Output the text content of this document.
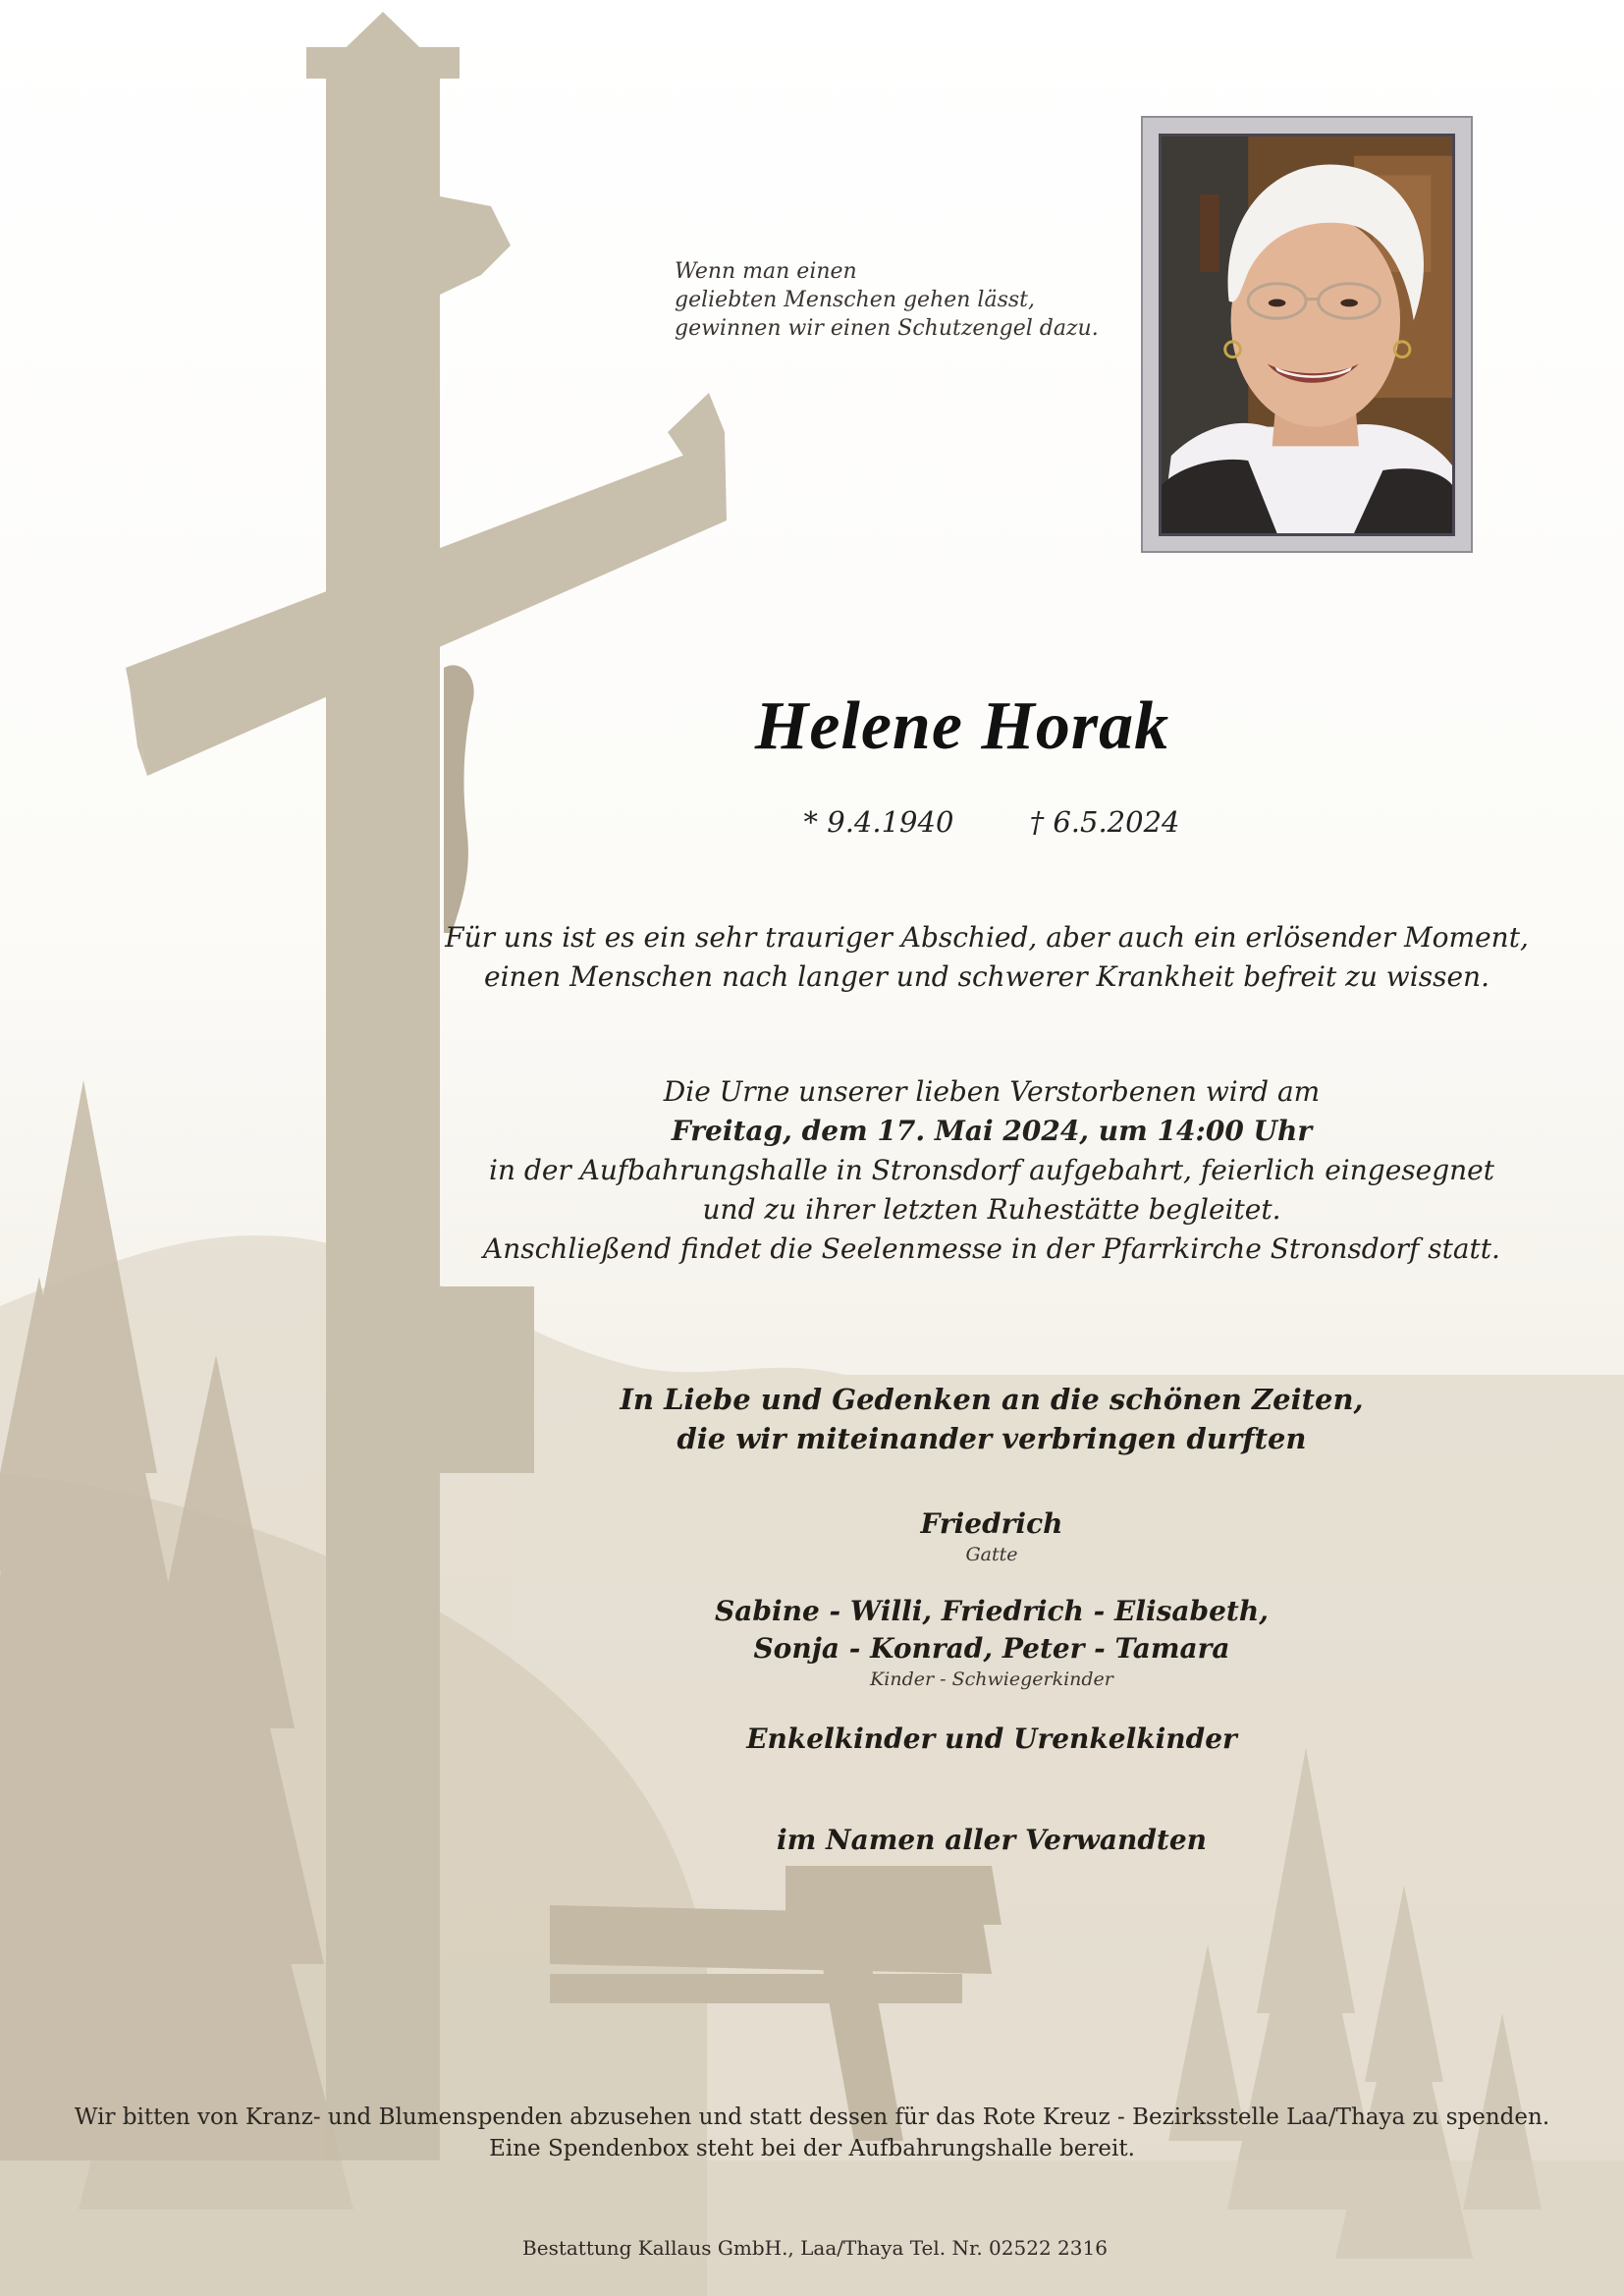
Wenn man einen
geliebten Menschen gehen lässt,
gewinnen wir einen Schutzengel dazu.
Helene Horak
* 9.4.1940	† 6.5.2024
Für uns ist es ein sehr trauriger Abschied, aber auch ein erlösender Moment,
einen Menschen nach langer und schwerer Krankheit befreit zu wissen.
Die Urne unserer lieben Verstorbenen wird am
Freitag, dem 17. Mai 2024, um 14:00 Uhr
in der Aufbahrungshalle in Stronsdorf aufgebahrt, feierlich eingesegnet
und zu ihrer letzten Ruhestätte begleitet.
Anschließend findet die Seelenmesse in der Pfarrkirche Stronsdorf statt.
In Liebe und Gedenken an die schönen Zeiten,
die wir miteinander verbringen durften
Friedrich
Gatte
Sabine - Willi, Friedrich - Elisabeth,
Sonja - Konrad, Peter - Tamara
Kinder - Schwiegerkinder
Enkelkinder und Urenkelkinder
im Namen aller Verwandten
Wir bitten von Kranz- und Blumenspenden abzusehen und statt dessen für das Rote Kreuz - Bezirksstelle Laa/Thaya zu spenden.
Eine Spendenbox steht bei der Aufbahrungshalle bereit.
Bestattung Kallaus GmbH., Laa/Thaya Tel. Nr. 02522 2316
